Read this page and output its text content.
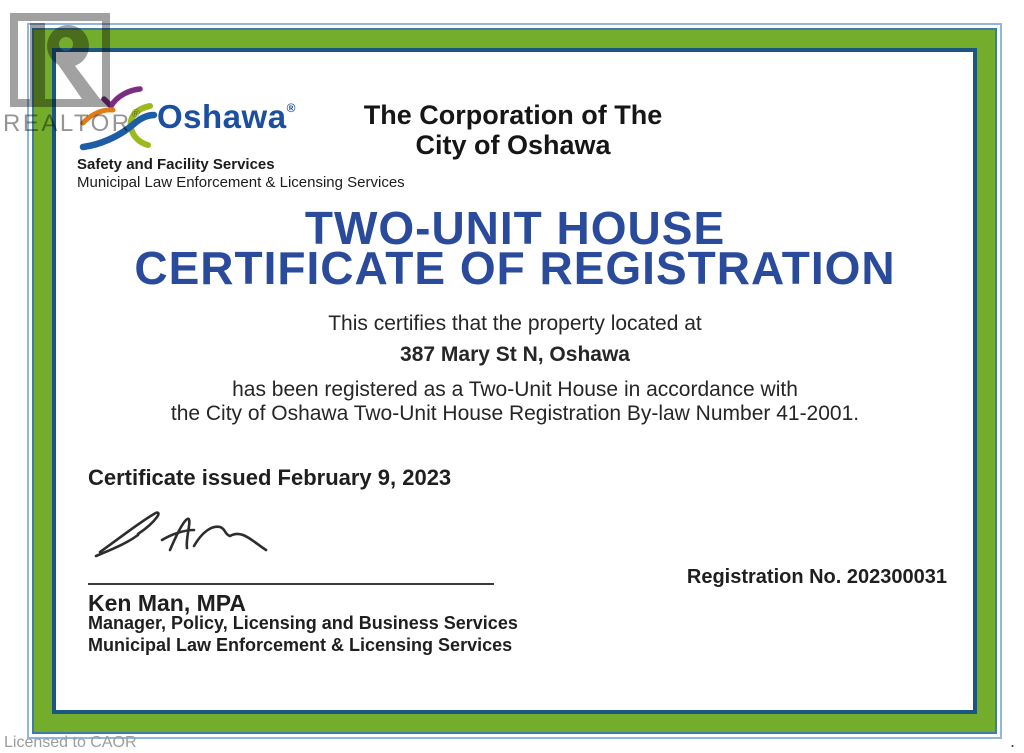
Oshawa®
Safety and Facility Services
Municipal Law Enforcement & Licensing Services
The Corporation of The
City of Oshawa
TWO-UNIT HOUSE
CERTIFICATE OF REGISTRATION
This certifies that the property located at
387 Mary St N, Oshawa
has been registered as a Two-Unit House in accordance with
the City of Oshawa Two-Unit House Registration By-law Number 41-2001.
Certificate issued February 9, 2023
Ken Man, MPA
Manager, Policy, Licensing and Business Services
Municipal Law Enforcement & Licensing Services
Registration No. 202300031
REALTOR®
Licensed to CAOR	.
